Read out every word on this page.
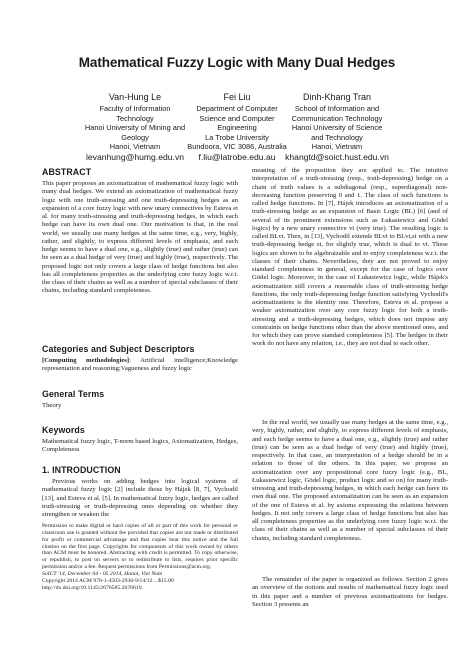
Mathematical Fuzzy Logic with Many Dual Hedges
Van-Hung Le
Faculty of Information
Technology
Hanoi University of Mining and
Geology
Hanoi, Vietnam
levanhung@humg.edu.vn
Fei Liu
Department of Computer
Science and Computer
Engineering
La Trobe University
Bundoora, VIC 3086, Australia
f.liu@latrobe.edu.au
Dinh-Khang Tran
School of Information and
Communication Technology
Hanoi University of Science
and Technology
Hanoi, Vietnam
khangtd@soict.hust.edu.vn
ABSTRACT
This paper proposes an axiomatization of mathematical fuzzy logic with many dual hedges. We extend an axiomatization of mathematical fuzzy logic with one truth-stressing and one truth-depressing hedges as an expansion of a core fuzzy logic with new unary connectives by Esteva et al. for many truth-stressing and truth-depressing hedges, in which each hedge can have its own dual one. Our motivation is that, in the real world, we usually use many hedges at the same time, e.g., very, highly, rather, and slightly, to express different levels of emphasis, and each hedge seems to have a dual one, e.g., slightly (true) and rather (true) can be seen as a dual hedge of very (true) and highly (true), respectively. The proposed logic not only covers a large class of hedge functions but also has all completeness properties as the underlying core fuzzy logic w.r.t. the class of their chains as well as a number of special subclasses of their chains, including standard completeness.
Categories and Subject Descriptors
[Computing methodologies]: Artificial intelligence;Knowledge representation and reasoning;Vagueness and fuzzy logic
General Terms
Theory
Keywords
Mathematical fuzzy logic, T-norm based logics, Axiomatization, Hedges, Completeness
1. INTRODUCTION
Previous works on adding hedges into logical systems of mathematical fuzzy logic [2] include those by Hájek [8, 7], Vychodil [13], and Esteva et al. [5]. In mathematical fuzzy logic, hedges are called truth-stressing or truth-depressing ones depending on whether they strengthen or weaken the
Permission to make digital or hard copies of all or part of this work for personal or classroom use is granted without fee provided that copies are not made or distributed for profit or commercial advantage and that copies bear this notice and the full citation on the first page. Copyrights for components of this work owned by others than ACM must be honored. Abstracting with credit is permitted. To copy otherwise, or republish, to post on servers or to redistribute to lists, requires prior specific permission and/or a fee. Request permissions from Permissions@acm.org.
SoICT '14, December 04 - 05 2014, Hanoi, Viet Nam
Copyright 2014 ACM 978-1-4503-2930-9/14/12 ...$15.00
http://dx.doi.org/10.1145/2676585.2676619.
meaning of the proposition they are applied to. The intuitive interpretation of a truth-stressing (resp., truth-depressing) hedge on a chain of truth values is a subdiagonal (resp., superdiagonal) non-decreasing function preserving 0 and 1. The class of such functions is called hedge functions. In [7], Hájek introduces an axiomatization of a truth-stressing hedge as an expansion of Basic Logic (BL) [6] (and of several of its prominent extensions such as Łukasiewicz and Gödel logics) by a new unary connective vt (very true). The resulting logic is called BLvt. Then, in [13], Vychodil extends BLvt to BLvt,st with a new truth-depressing hedge st, for slightly true, which is dual to vt. These logics are shown to be algebraizable and to enjoy completeness w.r.t. the classes of their chains. Nevertheless, they are not proved to enjoy standard completeness in general, except for the case of logics over Gödel logic. Moreover, in the case of Łukasiewicz logic, while Hájek's axiomatization still covers a reasonable class of truth-stressing hedge functions, the only truth-depressing hedge function satisfying Vychodil's axiomatizations is the identity one. Therefore, Esteva et al. propose a weaker axiomatization over any core fuzzy logic for both a truth-stressing and a truth-depressing hedges, which does not impose any constraints on hedge functions other than the above mentioned ones, and for which they can prove standard completeness [5]. The hedges in their work do not have any relation, i.e., they are not dual to each other.
In the real world, we usually use many hedges at the same time, e.g., very, highly, rather, and slightly, to express different levels of emphasis, and each hedge seems to have a dual one, e.g., slightly (true) and rather (true) can be seen as a dual hedge of very (true) and highly (true), respectively. In that case, an interpretation of a hedge should be in a relation to those of the others. In this paper, we propose an axiomatization over any propositional core fuzzy logic (e.g., BL, Łukasiewicz logic, Gödel logic, product logic and so on) for many truth-stressing and truth-depressing hedges, in which each hedge can have its own dual one. The proposed axiomatization can be seen as an expansion of the one of Esteva et al. by axioms expressing the relations between hedges. It not only covers a large class of hedge functions but also has all completeness properties as the underlying core fuzzy logic w.r.t. the class of their chains as well as a number of special subclasses of their chains, including standard completeness.
The remainder of the paper is organized as follows. Section 2 gives an overview of the notions and results of mathematical fuzzy logic used in this paper and a number of previous axiomatizations for hedges. Section 3 presents an
